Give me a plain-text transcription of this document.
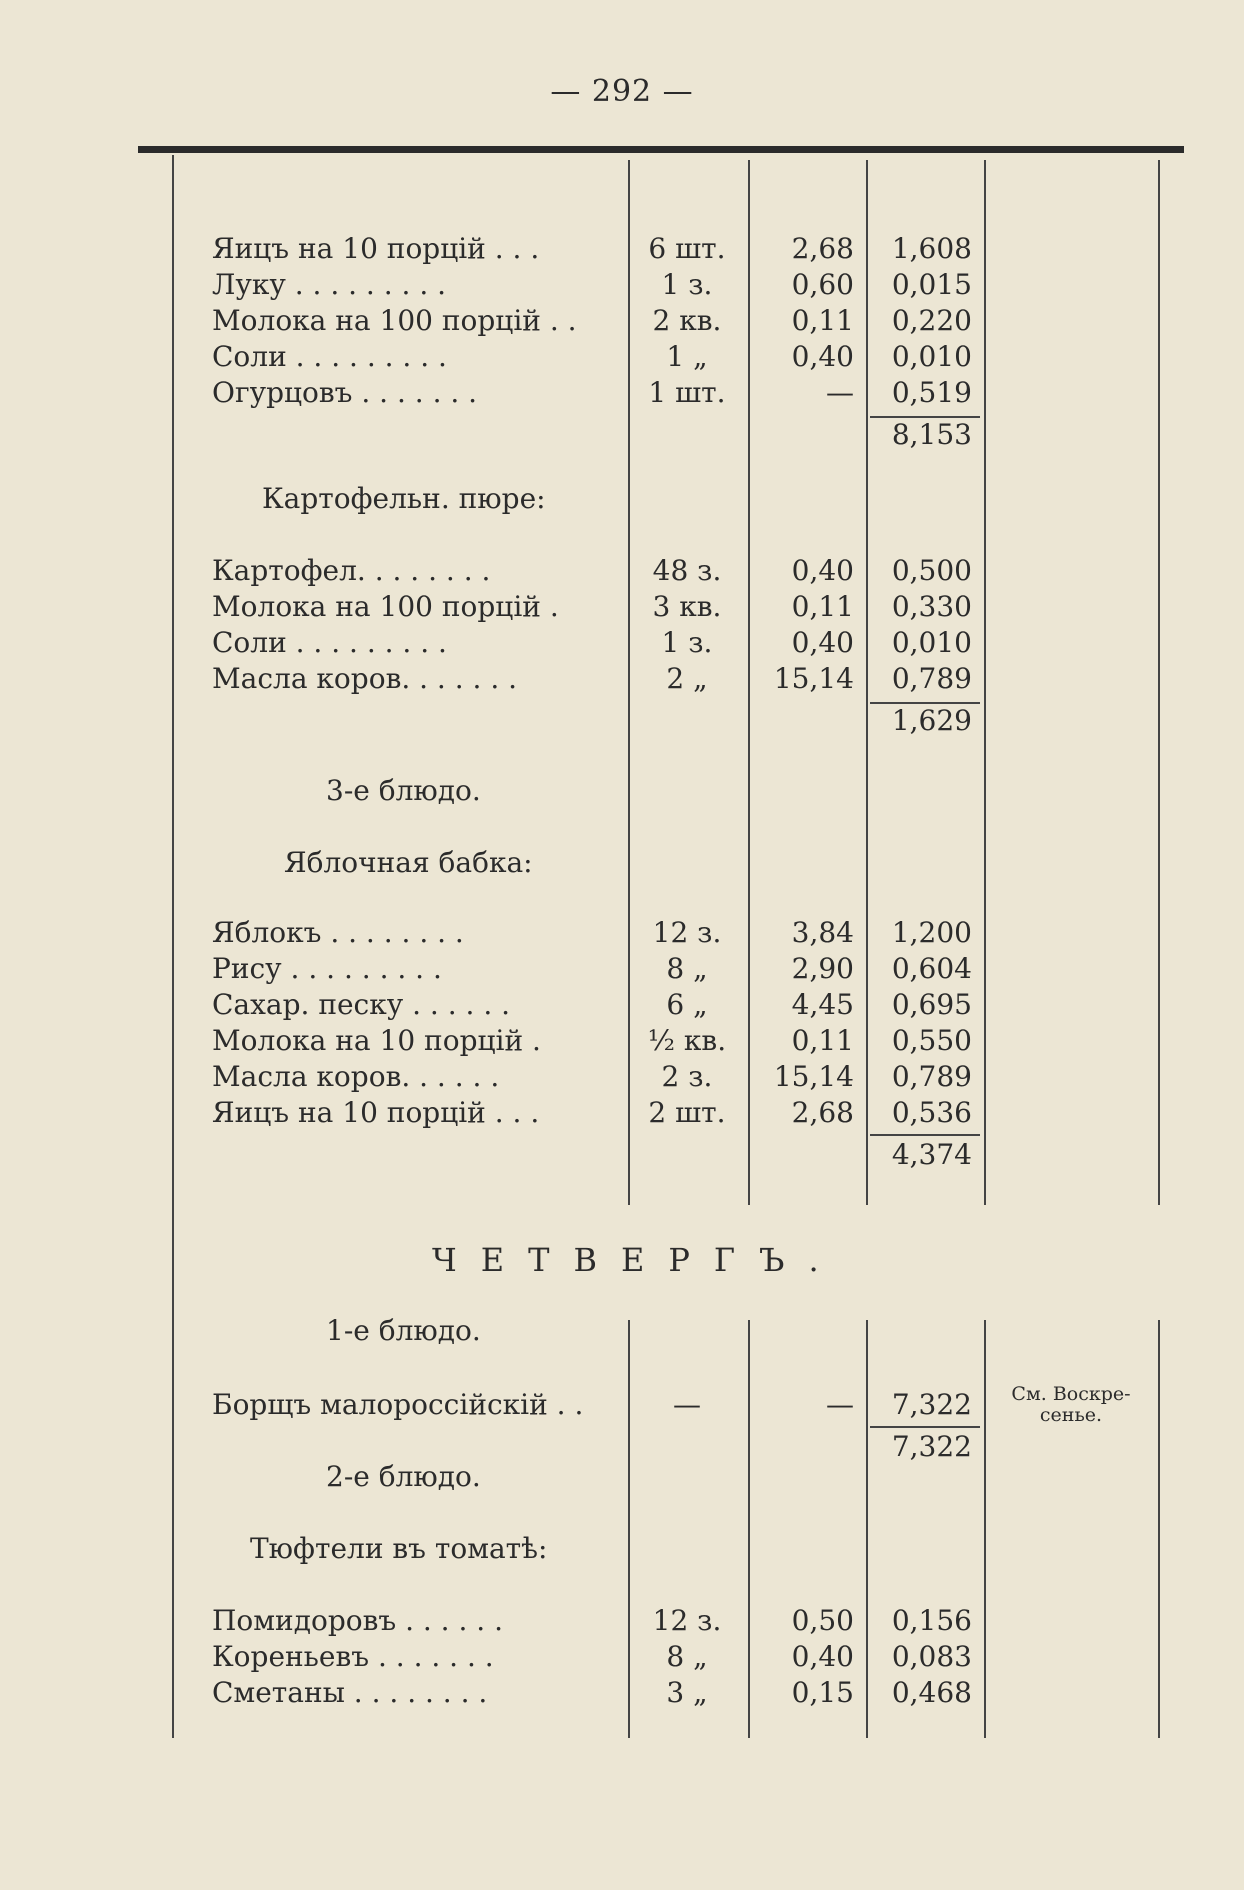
— 292 —
Яицъ на 10 порцій . . .	6 шт.	2,68	1,608
Луку . . . . . . . . .	1 з.	0,60	0,015
Молока на 100 порцій . .	2 кв.	0,11	0,220
Соли . . . . . . . . .	1 „	0,40	0,010
Огурцовъ . . . . . . .	1 шт.	—	0,519
8,153
Картофельн. пюре:
Картофел. . . . . . . .	48 з.	0,40	0,500
Молока на 100 порцій .	3 кв.	0,11	0,330
Соли . . . . . . . . .	1 з.	0,40	0,010
Масла коров. . . . . . .	2 „	15,14	0,789
1,629
3-е блюдо.
Яблочная бабка:
Яблокъ . . . . . . . .	12 з.	3,84	1,200
Рису . . . . . . . . .	8 „	2,90	0,604
Сахар. песку . . . . . .	6 „	4,45	0,695
Молока на 10 порцій .	½ кв.	0,11	0,550
Масла коров. . . . . .	2 з.	15,14	0,789
Яицъ на 10 порцій . . .	2 шт.	2,68	0,536
4,374
ЧЕТВЕРГЪ.
1-е блюдо.
Борщъ малороссійскій . .	—	—	7,322	См. Воскре-сенье.
7,322
2-е блюдо.
Тюфтели въ томатѣ:
Помидоровъ . . . . . .	12 з.	0,50	0,156
Кореньевъ . . . . . . .	8 „	0,40	0,083
Сметаны . . . . . . . .	3 „	0,15	0,468
